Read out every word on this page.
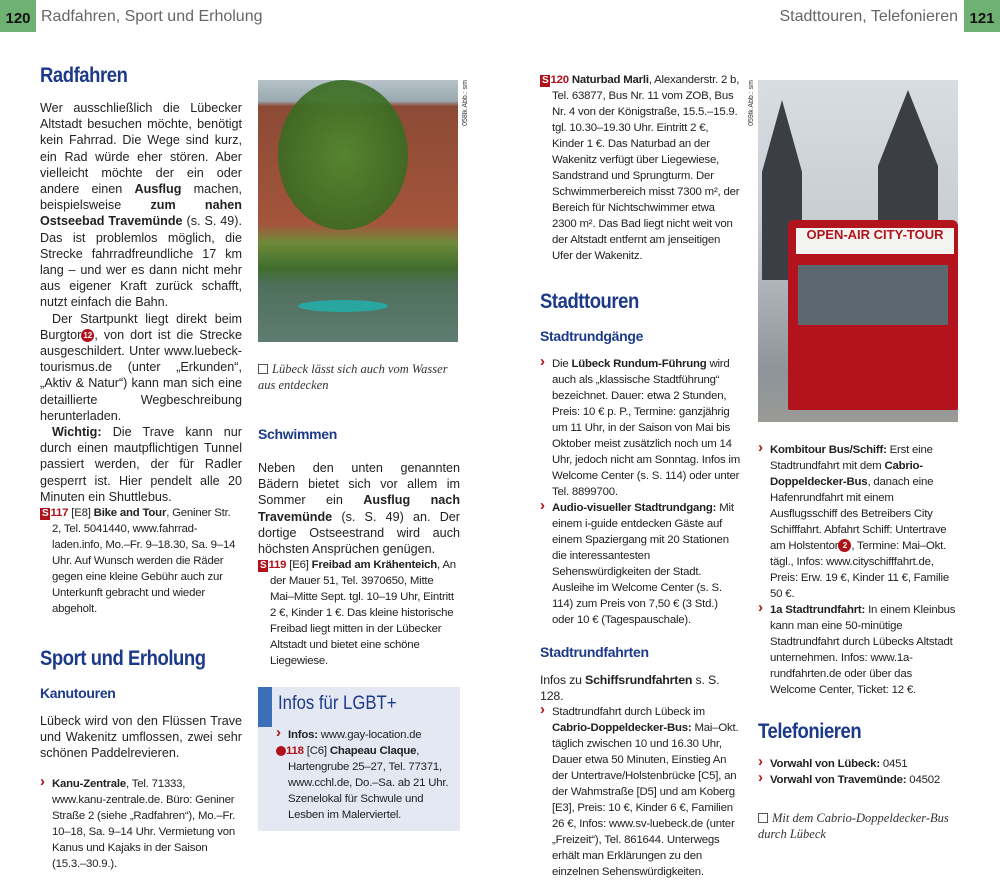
120 Radfahren, Sport und Erholung	Stadttouren, Telefonieren 121
Radfahren

Wer ausschließlich die Lübecker Altstadt besuchen möchte, benötigt kein Fahrrad. Die Wege sind kurz, ein Rad würde eher stören. Aber vielleicht möchte der ein oder andere einen Ausflug machen, beispielsweise zum nahen Ostseebad Travemünde (s. S. 49). Das ist problemlos möglich, die Strecke fahrradfreundliche 17 km lang – und wer es dann nicht mehr aus eigener Kraft zurück schafft, nutzt einfach die Bahn.

Der Startpunkt liegt direkt beim Burgtor 12 , von dort ist die Strecke ausgeschildert. Unter www.luebeck-tourismus.de (unter „Erkunden“, „Aktiv & Natur“) kann man sich eine detaillierte Wegbeschreibung herunterladen.

Wichtig: Die Trave kann nur durch einen mautpflichtigen Tunnel passiert werden, der für Radler gesperrt ist. Hier pendelt alle 20 Minuten ein Shuttlebus.

S 117 [E8] Bike and Tour, Geniner Str. 2, Tel. 5041440, www.fahrrad-laden.info, Mo.–Fr. 9–18.30, Sa. 9–14 Uhr. Auf Wunsch werden die Räder gegen eine kleine Gebühr auch zur Unterkunft gebracht und wieder abgeholt.
Sport und Erholung
Kanutouren

Lübeck wird von den Flüssen Trave und Wakenitz umflossen, zwei sehr schönen Paddelrevieren.

› Kanu-Zentrale, Tel. 71333, www.kanu-zentrale.de. Büro: Geniner Straße 2 (siehe „Radfahren“), Mo.–Fr. 10–18, Sa. 9–14 Uhr. Vermietung von Kanus und Kajaks in der Saison (15.3.–30.9.).
058lk Abb.: sm
Lübeck lässt sich auch vom Wasser aus entdecken
Schwimmen

Neben den unten genannten Bädern bietet sich vor allem im Sommer ein Ausflug nach Travemünde (s. S. 49) an. Der dortige Ostseestrand wird auch höchsten Ansprüchen genügen.

S 119 [E6] Freibad am Krähenteich, An der Mauer 51, Tel. 3970650, Mitte Mai–Mitte Sept. tgl. 10–19 Uhr, Eintritt 2 €, Kinder 1 €. Das kleine historische Freibad liegt mitten in der Lübecker Altstadt und bietet eine schöne Liegewiese.
Infos für LGBT+
› Infos: www.gay-location.de
118 [C6] Chapeau Claque, Hartengrube 25–27, Tel. 77371, www.cchl.de, Do.–Sa. ab 21 Uhr. Szenelokal für Schwule und Lesben im Malerviertel.
S 120 Naturbad Marli, Alexanderstr. 2 b, Tel. 63877, Bus Nr. 11 vom ZOB, Bus Nr. 4 von der Königstraße, 15.5.–15.9. tgl. 10.30–19.30 Uhr. Eintritt 2 €, Kinder 1 €. Das Naturbad an der Wakenitz verfügt über Liegewiese, Sandstrand und Sprungturm. Der Schwimmerbereich misst 7300 m², der Bereich für Nichtschwimmer etwa 2300 m². Das Bad liegt nicht weit von der Altstadt entfernt am jenseitigen Ufer der Wakenitz.
Stadttouren
Stadtrundgänge
› Die Lübeck Rundum-Führung wird auch als „klassische Stadtführung“ bezeichnet. Dauer: etwa 2 Stunden, Preis: 10 € p. P., Termine: ganzjährig um 11 Uhr, in der Saison von Mai bis Oktober meist zusätzlich noch um 14 Uhr, jedoch nicht am Sonntag. Infos im Welcome Center (s. S. 114) oder unter Tel. 8899700.
› Audio-visueller Stadtrundgang: Mit einem i-guide entdecken Gäste auf einem Spaziergang mit 20 Stationen die interessantesten Sehenswürdigkeiten der Stadt. Ausleihe im Welcome Center (s. S. 114) zum Preis von 7,50 € (3 Std.) oder 10 € (Tagespauschale).
Stadtrundfahrten

Infos zu Schiffsrundfahrten s. S. 128.

› Stadtrundfahrt durch Lübeck im Cabrio-Doppeldecker-Bus: Mai–Okt. täglich zwischen 10 und 16.30 Uhr, Dauer etwa 50 Minuten, Einstieg An der Untertrave/Holstenbrücke [C5], an der Wahmstraße [D5] und am Koberg [E3], Preis: 10 €, Kinder 6 €, Familien 26 €, Infos: www.sv-luebeck.de (unter „Freizeit“), Tel. 861644. Unterwegs erhält man Erklärungen zu den einzelnen Sehenswürdigkeiten.
OPEN-AIR CITY-TOUR
059lk Abb.: sm
› Kombitour Bus/Schiff: Erst eine Stadtrundfahrt mit dem Cabrio-Doppeldecker-Bus, danach eine Hafenrundfahrt mit einem Ausflugsschiff des Betreibers City Schifffahrt. Abfahrt Schiff: Untertrave am Holstentor 2 , Termine: Mai–Okt. tägl., Infos: www.cityschifffahrt.de, Preis: Erw. 19 €, Kinder 11 €, Familie 50 €.
› 1a Stadtrundfahrt: In einem Kleinbus kann man eine 50-minütige Stadtrundfahrt durch Lübecks Altstadt unternehmen. Infos: www.1a-rundfahrten.de oder über das Welcome Center, Ticket: 12 €.
Telefonieren
› Vorwahl von Lübeck: 0451
› Vorwahl von Travemünde: 04502
Mit dem Cabrio-Doppeldecker-Bus durch Lübeck
